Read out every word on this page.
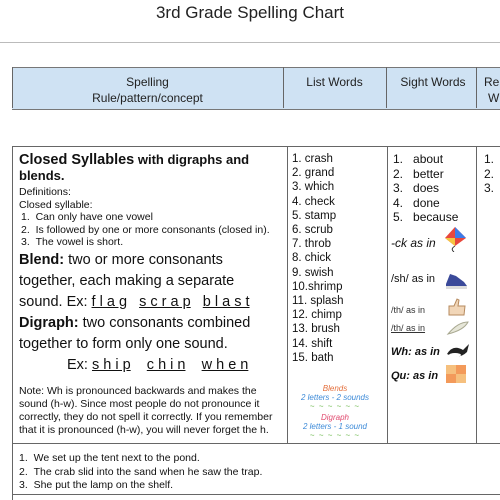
3rd Grade Spelling Chart
Spelling
Rule/pattern/concept
List Words	Sight Words	Re
W
Closed Syllables with digraphs and
blends.
Definitions:
Closed syllable:
1.  Can only have one vowel
2.  Is followed by one or more consonants (closed in).
3.  The vowel is short.
Blend: two or more consonants
together, each making a separate
sound. Ex: f l a g s c r a p b l a s t
Digraph: two consonants combined
together to form only one sound.
Ex: s h i p c h i n w h e n
Note: Wh is pronounced backwards and makes the sound (h-w). Since most people do not pronounce it correctly, they do not spell it correctly. If you remember that it is pronounced (h-w), you will never forget the h.
1. crash
2. grand
3. which
4. check
5. stamp
6. scrub
7. throb
8. chick
9. swish
10.shrimp
11. splash
12. chimp
13. brush
14. shift
15. bath
1.   about
2.   better
3.   does
4.   done
5.   because
-ck as in
/sh/ as in
/th/ as in
/th/ as in
Wh: as in
Qu: as in
Blends
2 letters - 2 sounds
~ ~ ~ ~ ~ ~
Digraph
2 letters - 1 sound
~ ~ ~ ~ ~ ~
1.
2.
3.
1.  We set up the tent next to the pond.
2.  The crab slid into the sand when he saw the trap.
3.  She put the lamp on the shelf.
